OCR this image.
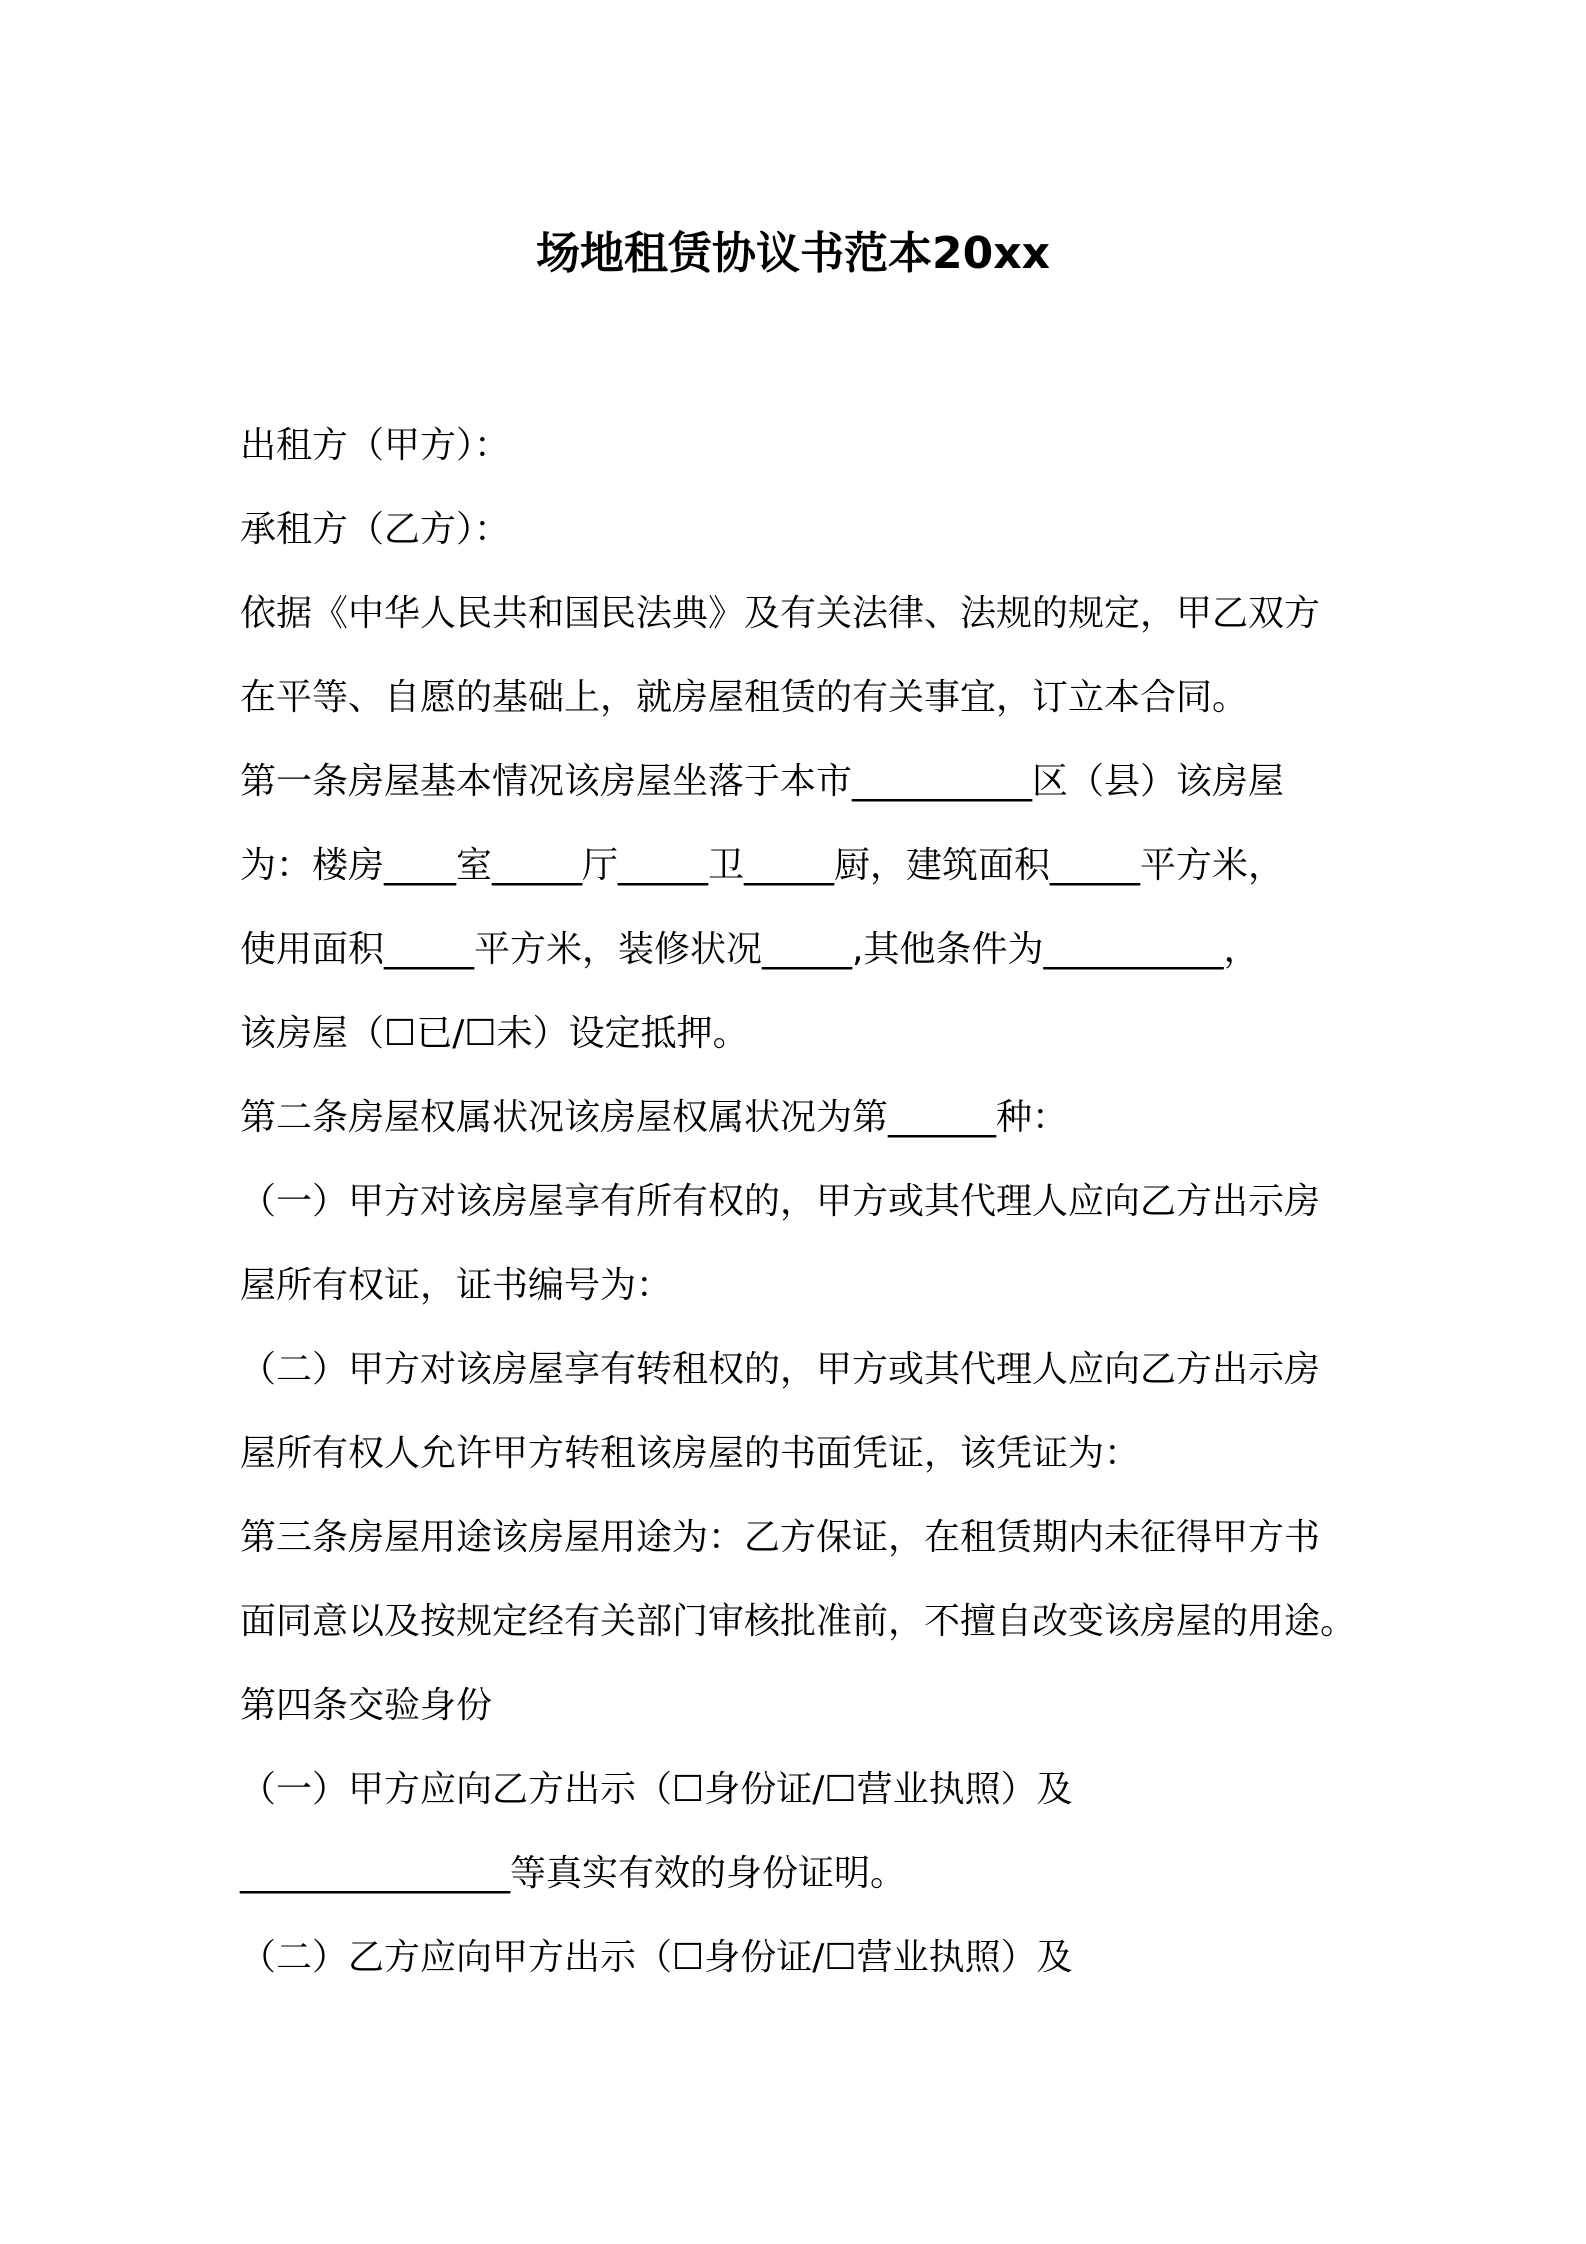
场地租赁协议书范本20xx
出租方（甲方）：
承租方（乙方）：
依据《中华人民共和国民法典》及有关法律、法规的规定，甲乙双方
在平等、自愿的基础上，就房屋租赁的有关事宜，订立本合同。
第一条房屋基本情况该房屋坐落于本市__________区（县）该房屋
为：楼房____室_____厅_____卫_____厨，建筑面积_____平方米，
使用面积_____平方米，装修状况_____,其他条件为__________，
该房屋（☐已/☐未）设定抵押。
第二条房屋权属状况该房屋权属状况为第______种：
（一）甲方对该房屋享有所有权的，甲方或其代理人应向乙方出示房
屋所有权证，证书编号为：
（二）甲方对该房屋享有转租权的，甲方或其代理人应向乙方出示房
屋所有权人允许甲方转租该房屋的书面凭证，该凭证为：
第三条房屋用途该房屋用途为：乙方保证，在租赁期内未征得甲方书
面同意以及按规定经有关部门审核批准前，不擅自改变该房屋的用途。
第四条交验身份
（一）甲方应向乙方出示（☐身份证/☐营业执照）及
_______________等真实有效的身份证明。
（二）乙方应向甲方出示（☐身份证/☐营业执照）及
